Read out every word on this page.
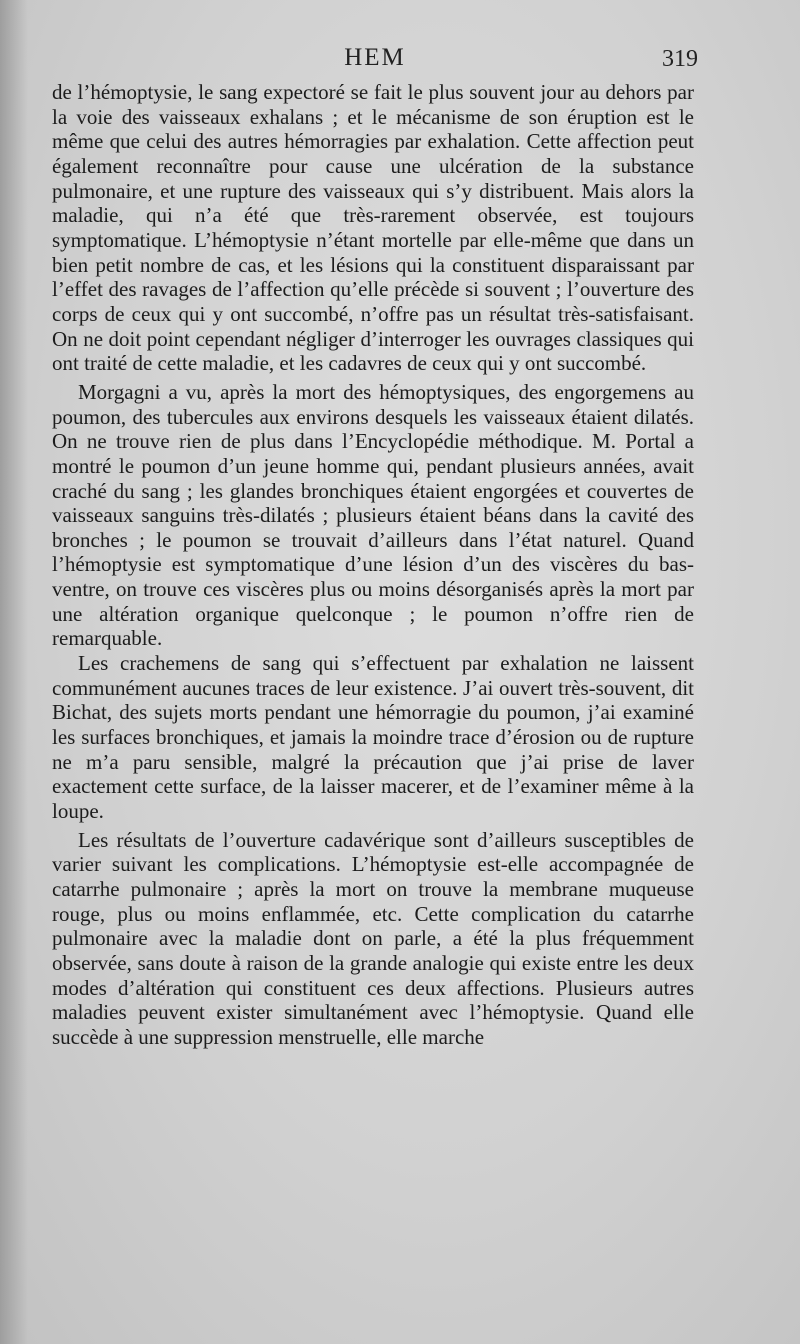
HEM	319

de l’hémoptysie, le sang expectoré se fait le plus souvent jour au dehors par la voie des vaisseaux exhalans ; et le mécanisme de son éruption est le même que celui des autres hémorragies par exhalation. Cette affection peut également reconnaître pour cause une ulcération de la substance pulmonaire, et une rupture des vaisseaux qui s’y distribuent. Mais alors la maladie, qui n’a été que très-rarement observée, est toujours symptomatique. L’hémoptysie n’étant mortelle par elle-même que dans un bien petit nombre de cas, et les lésions qui la constituent disparaissant par l’effet des ravages de l’affection qu’elle précède si souvent ; l’ouverture des corps de ceux qui y ont succombé, n’offre pas un résultat très-satisfaisant. On ne doit point cependant négliger d’interroger les ouvrages classiques qui ont traité de cette maladie, et les cadavres de ceux qui y ont succombé.

Morgagni a vu, après la mort des hémoptysiques, des engorgemens au poumon, des tubercules aux environs desquels les vaisseaux étaient dilatés. On ne trouve rien de plus dans l’Encyclopédie méthodique. M. Portal a montré le poumon d’un jeune homme qui, pendant plusieurs années, avait craché du sang ; les glandes bronchiques étaient engorgées et couvertes de vaisseaux sanguins très-dilatés ; plusieurs étaient béans dans la cavité des bronches ; le poumon se trouvait d’ailleurs dans l’état naturel. Quand l’hémoptysie est symptomatique d’une lésion d’un des viscères du bas-ventre, on trouve ces viscères plus ou moins désorganisés après la mort par une altération organique quelconque ; le poumon n’offre rien de remarquable.

Les crachemens de sang qui s’effectuent par exhalation ne laissent communément aucunes traces de leur existence. J’ai ouvert très-souvent, dit Bichat, des sujets morts pendant une hémorragie du poumon, j’ai examiné les surfaces bronchiques, et jamais la moindre trace d’érosion ou de rupture ne m’a paru sensible, malgré la précaution que j’ai prise de laver exactement cette surface, de la laisser macerer, et de l’examiner même à la loupe.

Les résultats de l’ouverture cadavérique sont d’ailleurs susceptibles de varier suivant les complications. L’hémoptysie est-elle accompagnée de catarrhe pulmonaire ; après la mort on trouve la membrane muqueuse rouge, plus ou moins enflammée, etc. Cette complication du catarrhe pulmonaire avec la maladie dont on parle, a été la plus fréquemment observée, sans doute à raison de la grande analogie qui existe entre les deux modes d’altération qui constituent ces deux affections. Plusieurs autres maladies peuvent exister simultanément avec l’hémoptysie. Quand elle succède à une suppression menstruelle, elle marche
